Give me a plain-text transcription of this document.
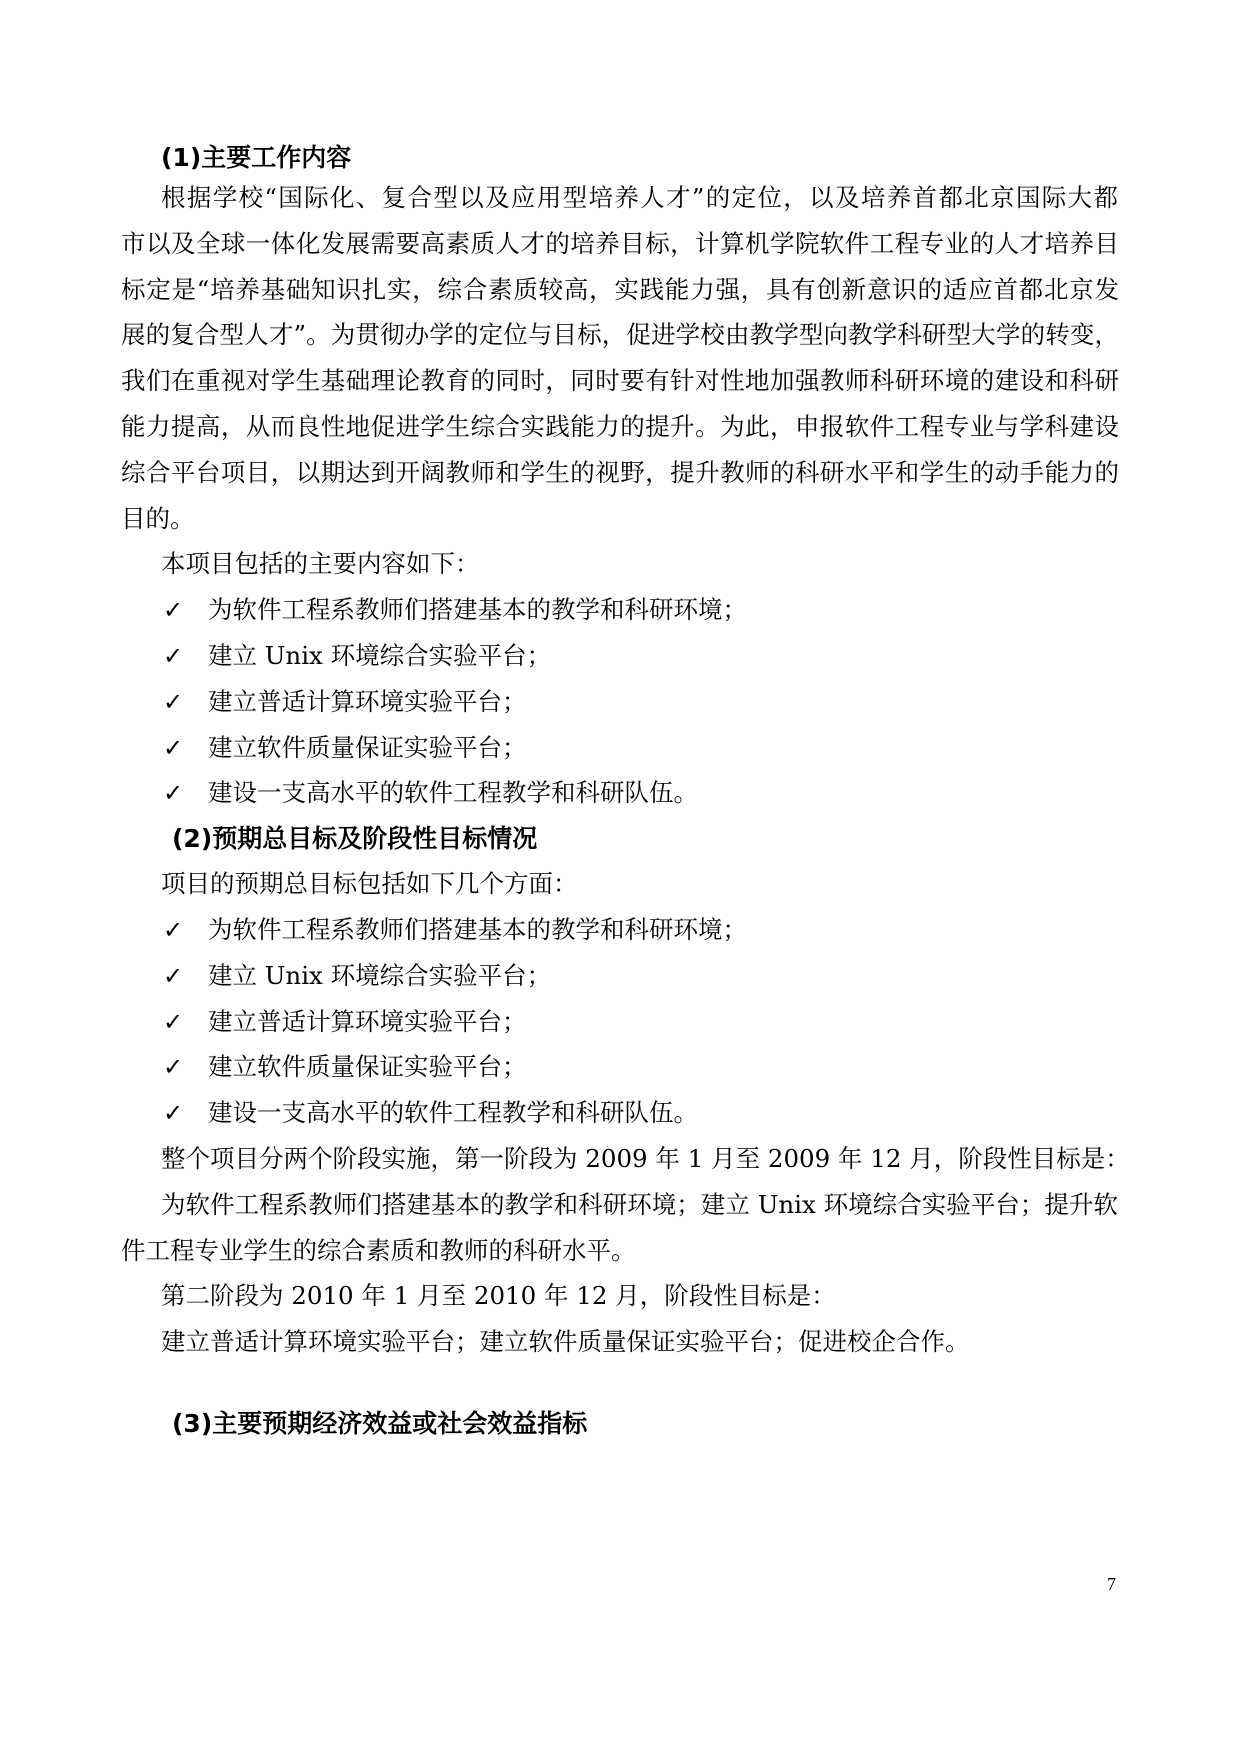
(1)主要工作内容
根据学校“国际化、复合型以及应用型培养人才”的定位，以及培养首都北京国际大都
市以及全球一体化发展需要高素质人才的培养目标，计算机学院软件工程专业的人才培养目
标定是“培养基础知识扎实，综合素质较高，实践能力强，具有创新意识的适应首都北京发
展的复合型人才”。为贯彻办学的定位与目标，促进学校由教学型向教学科研型大学的转变，
我们在重视对学生基础理论教育的同时，同时要有针对性地加强教师科研环境的建设和科研
能力提高，从而良性地促进学生综合实践能力的提升。为此，申报软件工程专业与学科建设
综合平台项目，以期达到开阔教师和学生的视野，提升教师的科研水平和学生的动手能力的
目的。
本项目包括的主要内容如下：
✓ 为软件工程系教师们搭建基本的教学和科研环境；
✓ 建立 Unix 环境综合实验平台；
✓ 建立普适计算环境实验平台；
✓ 建立软件质量保证实验平台；
✓ 建设一支高水平的软件工程教学和科研队伍。
(2)预期总目标及阶段性目标情况
项目的预期总目标包括如下几个方面：
✓ 为软件工程系教师们搭建基本的教学和科研环境；
✓ 建立 Unix 环境综合实验平台；
✓ 建立普适计算环境实验平台；
✓ 建立软件质量保证实验平台；
✓ 建设一支高水平的软件工程教学和科研队伍。
整个项目分两个阶段实施，第一阶段为 2009 年 1 月至 2009 年 12 月，阶段性目标是：
为软件工程系教师们搭建基本的教学和科研环境；建立 Unix 环境综合实验平台；提升软
件工程专业学生的综合素质和教师的科研水平。
第二阶段为 2010 年 1 月至 2010 年 12 月，阶段性目标是：
建立普适计算环境实验平台；建立软件质量保证实验平台；促进校企合作。
(3)主要预期经济效益或社会效益指标
7
